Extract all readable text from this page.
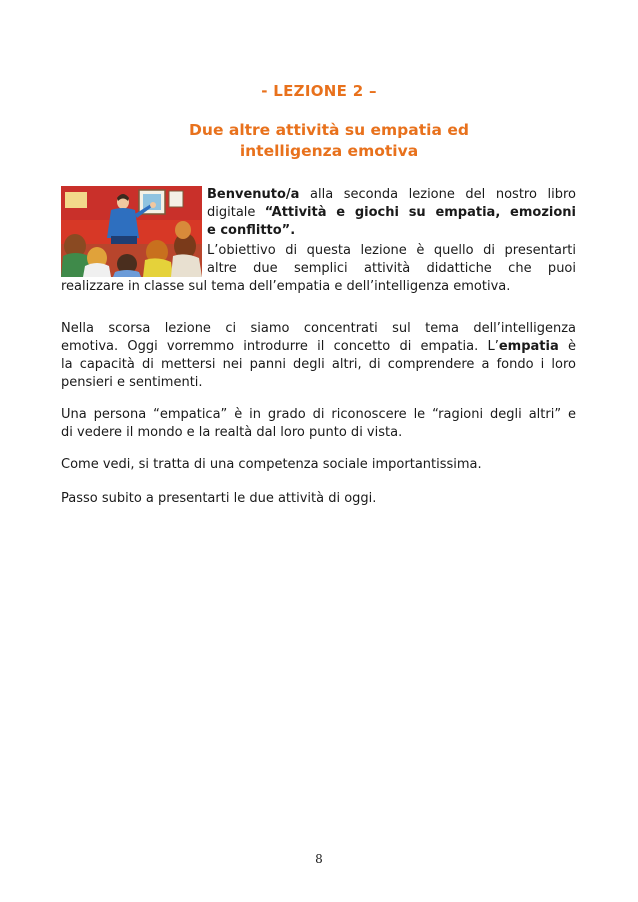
- LEZIONE 2 –
Due altre attività su empatia ed
intelligenza emotiva
Benvenuto/a alla seconda lezione del nostro libro
digitale “Attività e giochi su empatia, emozioni
e conflitto”.
L’obiettivo di questa lezione è quello di presentarti
altre due semplici attività didattiche che puoi
realizzare in classe sul tema dell’empatia e dell’intelligenza emotiva.
Nella scorsa lezione ci siamo concentrati sul tema dell’intelligenza
emotiva. Oggi vorremmo introdurre il concetto di empatia. L’empatia è
la capacità di mettersi nei panni degli altri, di comprendere a fondo i loro
pensieri e sentimenti.
Una persona “empatica” è in grado di riconoscere le “ragioni degli altri” e
di vedere il mondo e la realtà dal loro punto di vista.
Come vedi, si tratta di una competenza sociale importantissima.
Passo subito a presentarti le due attività di oggi.
8
